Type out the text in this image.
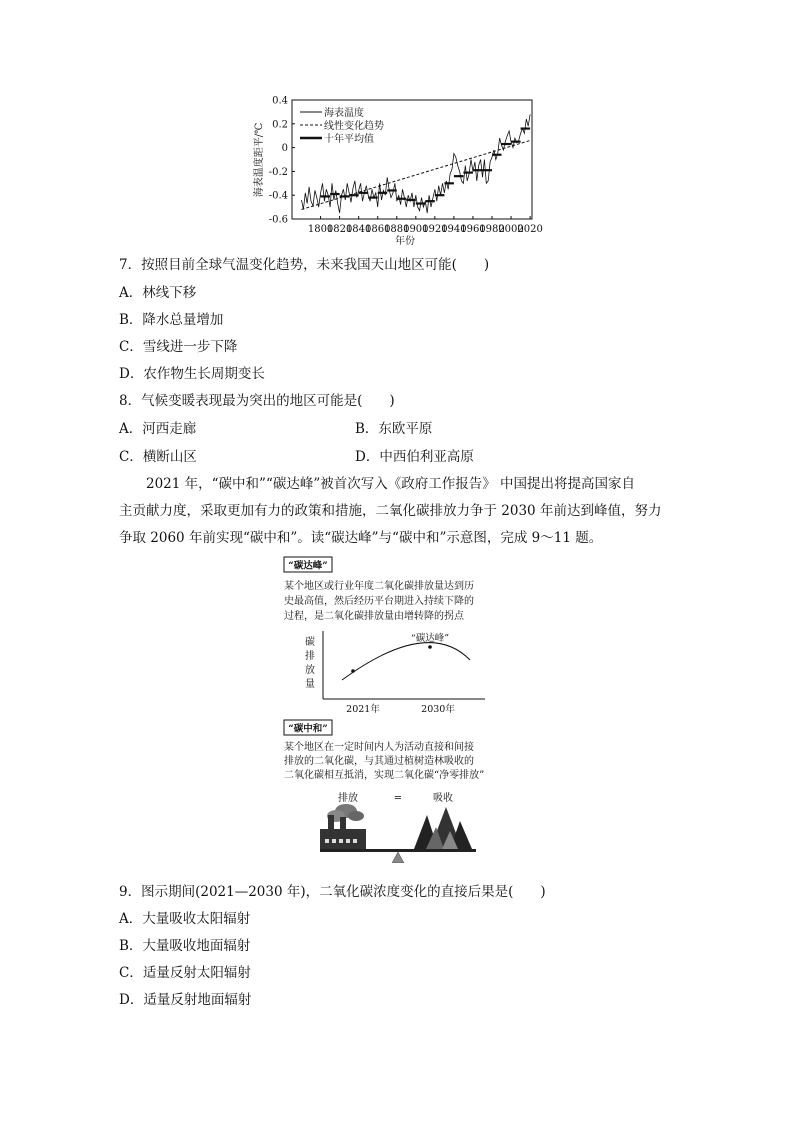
海表温度距平/℃
年份
0.4
0.2
0
-0.2
-0.4
-0.6
1800
1820
1840
1860
1880
1900
1920
1940
1960
1980
2000
2020
海表温度
线性变化趋势
十年平均值
7．按照目前全球气温变化趋势，未来我国天山地区可能(　　)
A．林线下移
B．降水总量增加
C．雪线进一步下降
D．农作物生长周期变长
8．气候变暖表现最为突出的地区可能是(　　)
A．河西走廊	B．东欧平原
C．横断山区	D．中西伯利亚高原
2021 年，“碳中和”“碳达峰”被首次写入《政府工作报告》 中国提出将提高国家自
主贡献力度，采取更加有力的政策和措施，二氧化碳排放力争于 2030 年前达到峰值，努力
争取 2060 年前实现“碳中和”。读“碳达峰”与“碳中和”示意图，完成 9～11 题。
“碳达峰”
某个地区或行业年度二氧化碳排放量达到历
史最高值，然后经历平台期进入持续下降的
过程，是二氧化碳排放量由增转降的拐点
碳
排
放
量
“碳达峰”
2021年	2030年
“碳中和”
某个地区在一定时间内人为活动直接和间接
排放的二氧化碳，与其通过植树造林吸收的
二氧化碳相互抵消，实现二氧化碳“净零排放”
排放	=	吸收
9．图示期间(2021—2030 年)，二氧化碳浓度变化的直接后果是(　　)
A．大量吸收太阳辐射
B．大量吸收地面辐射
C．适量反射太阳辐射
D．适量反射地面辐射
